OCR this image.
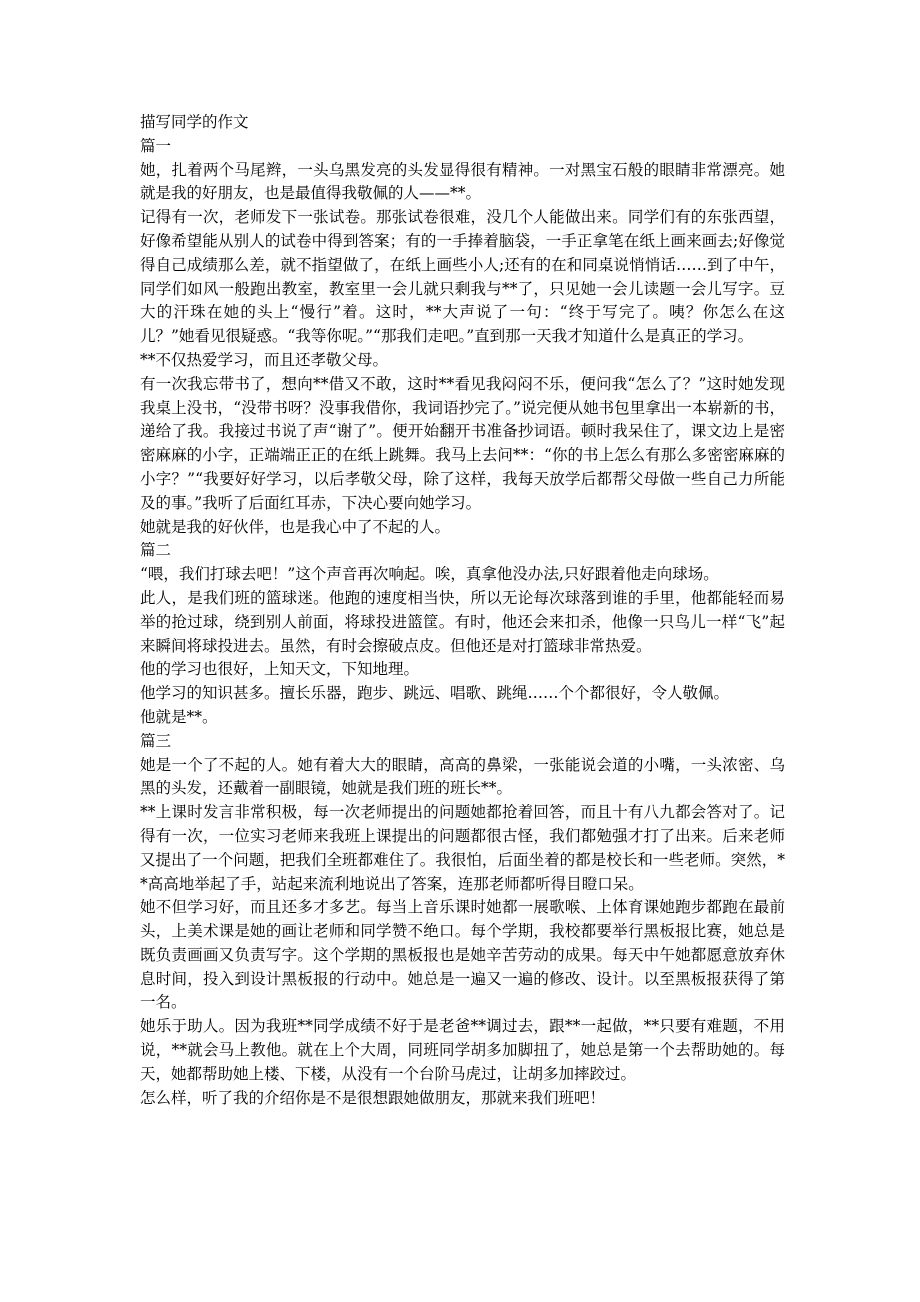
描写同学的作文

篇一

她，扎着两个马尾辫，一头乌黑发亮的头发显得很有精神。一对黑宝石般的眼睛非常漂亮。她就是我的好朋友，也是最值得我敬佩的人——**。

记得有一次，老师发下一张试卷。那张试卷很难，没几个人能做出来。同学们有的东张西望，好像希望能从别人的试卷中得到答案；有的一手捧着脑袋，一手正拿笔在纸上画来画去;好像觉得自己成绩那么差，就不指望做了，在纸上画些小人;还有的在和同桌说悄悄话……到了中午，同学们如风一般跑出教室，教室里一会儿就只剩我与**了，只见她一会儿读题一会儿写字。豆大的汗珠在她的头上“慢行”着。这时，**大声说了一句：“终于写完了。咦？你怎么在这儿？”她看见很疑惑。“我等你呢。”“那我们走吧。”直到那一天我才知道什么是真正的学习。

**不仅热爱学习，而且还孝敬父母。

有一次我忘带书了，想向**借又不敢，这时**看见我闷闷不乐，便问我“怎么了？”这时她发现我桌上没书，“没带书呀？没事我借你，我词语抄完了。”说完便从她书包里拿出一本崭新的书，递给了我。我接过书说了声“谢了”。便开始翻开书准备抄词语。顿时我呆住了，课文边上是密密麻麻的小字，正端端正正的在纸上跳舞。我马上去问**：“你的书上怎么有那么多密密麻麻的小字？”“我要好好学习，以后孝敬父母，除了这样，我每天放学后都帮父母做一些自己力所能及的事。”我听了后面红耳赤，下决心要向她学习。

她就是我的好伙伴，也是我心中了不起的人。

篇二

“喂，我们打球去吧！”这个声音再次响起。唉，真拿他没办法,只好跟着他走向球场。

此人，是我们班的篮球迷。他跑的速度相当快，所以无论每次球落到谁的手里，他都能轻而易举的抢过球，绕到别人前面，将球投进篮筐。有时，他还会来扣杀，他像一只鸟儿一样“飞”起来瞬间将球投进去。虽然，有时会擦破点皮。但他还是对打篮球非常热爱。

他的学习也很好，上知天文，下知地理。

他学习的知识甚多。擅长乐器，跑步、跳远、唱歌、跳绳……个个都很好，令人敬佩。

他就是**。

篇三

她是一个了不起的人。她有着大大的眼睛，高高的鼻梁，一张能说会道的小嘴，一头浓密、乌黑的头发，还戴着一副眼镜，她就是我们班的班长**。

**上课时发言非常积极，每一次老师提出的问题她都抢着回答，而且十有八九都会答对了。记得有一次，一位实习老师来我班上课提出的问题都很古怪，我们都勉强才打了出来。后来老师又提出了一个问题，把我们全班都难住了。我很怕，后面坐着的都是校长和一些老师。突然，**高高地举起了手，站起来流利地说出了答案，连那老师都听得目瞪口呆。

她不但学习好，而且还多才多艺。每当上音乐课时她都一展歌喉、上体育课她跑步都跑在最前头，上美术课是她的画让老师和同学赞不绝口。每个学期，我校都要举行黑板报比赛，她总是既负责画画又负责写字。这个学期的黑板报也是她辛苦劳动的成果。每天中午她都愿意放弃休息时间，投入到设计黑板报的行动中。她总是一遍又一遍的修改、设计。以至黑板报获得了第一名。

她乐于助人。因为我班**同学成绩不好于是老爸**调过去，跟**一起做，**只要有难题，不用说，**就会马上教他。就在上个大周，同班同学胡多加脚扭了，她总是第一个去帮助她的。每天，她都帮助她上楼、下楼，从没有一个台阶马虎过，让胡多加摔跤过。

怎么样，听了我的介绍你是不是很想跟她做朋友，那就来我们班吧！
